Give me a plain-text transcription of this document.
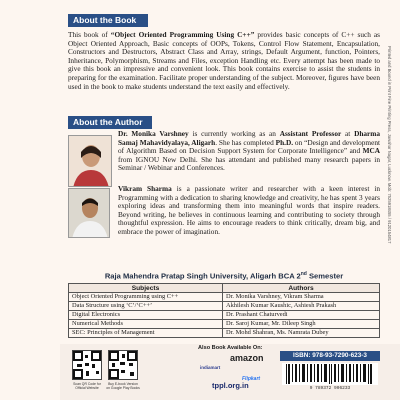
About the Book
This book of “Object Oriented Programming Using C++” provides basic concepts of C++ such as Object Oriented Approach, Basic concepts of OOPs, Tokens, Control Flow Statement, Encapsulation, Constructors and Destructors, Abstract Class and Array, strings, Default Argument, function, Pointers, Inheritance, Polymorphism, Streams and Files, exception Handling etc. Every attempt has been made to give this book an impressive and convenient look. This book contains exercise to assist the students in preparing for the examination. Facilitate proper understanding of the subject. Moreover, figures have been used in the book to make students understand the text easily and effectively.
About the Author
Dr. Monika Varshney is currently working as an Assistant Professor at Dharma Samaj Mahavidyalaya, Aligarh. She has completed Ph.D. on “Design and development of Algorithm Based on Decision Support System for Corporate Intelligence” and MCA from IGNOU New Delhi. She has attendant and published many research papers in Seminar / Webinar and Conferences.
Vikram Sharma is a passionate writer and researcher with a keen interest in Programming with a dedication to sharing knowledge and creativity, he has spent 3 years exploring ideas and transforming them into meaningful words that inspire readers. Beyond writing, he believes in continuous learning and contributing to society through thoughtful expression. He aims to encourage readers to think critically, dream big, and embrace the power of imagination.
Raja Mahendra Pratap Singh University, Aligarh BCA 2nd Semester
Subjects	Authors
Object Oriented Programming using C++	Dr. Monika Varshney, Vikram Sharma
Data Structure using ‘C’/‘C++’	Akhilesh Kumar Kaushic, Ashiesh Prakash
Digital Electronics	Dr. Prashant Chaturvedi
Numerical Methods	Dr. Saroj Kumar, Mr. Dileep Singh
SEC: Principles of Management	Dr. Mohd Shahran, Ms. Namrata Dubey
Scan QR Code for Official Website
Buy E-book Version on Google Play Books
Also Book Available On:
amazon
indiamart
tppl.org.in
Flipkart
ISBN: 978-93-7290-623-3
9 789372 906233
Printed and Bound in Print Fine Printing Press, Jawahar Nagar, Lucknow. Mob: 7525918455 / 9120154817
